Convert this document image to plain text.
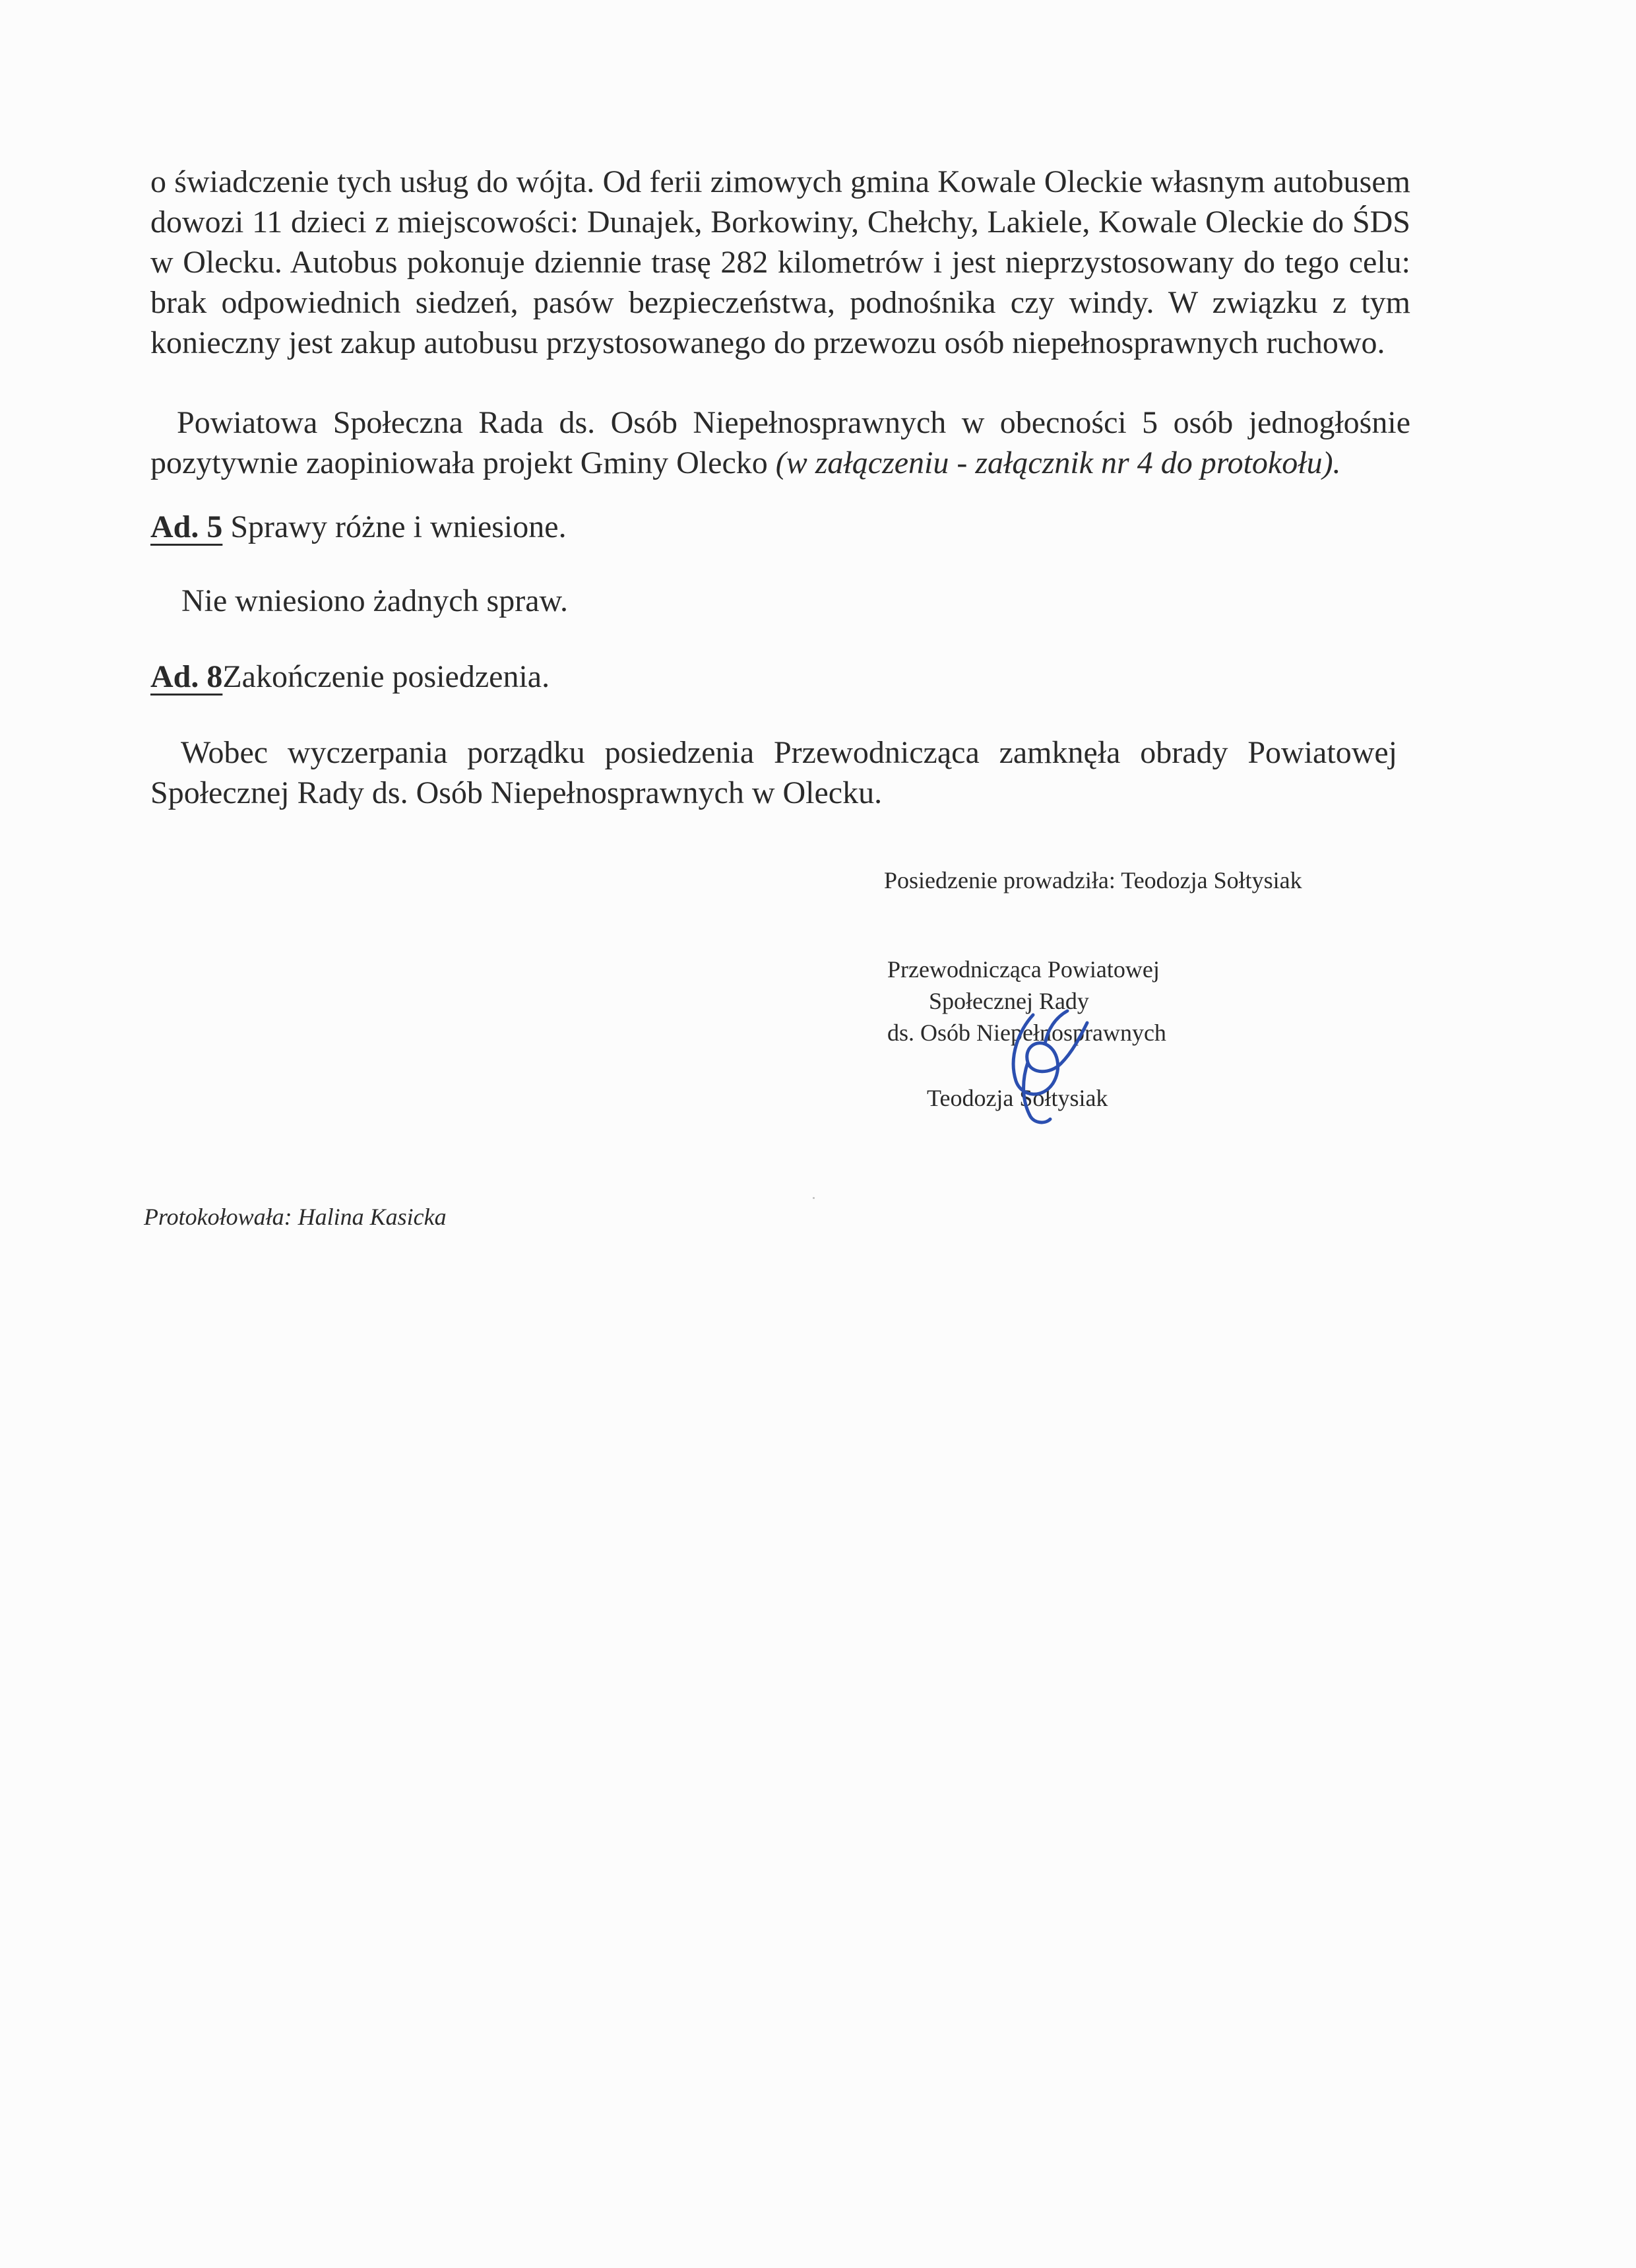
o świadczenie tych usług do wójta. Od ferii zimowych gmina Kowale Oleckie własnym autobusem dowozi 11 dzieci z miejscowości: Dunajek, Borkowiny, Chełchy, Lakiele, Kowale Oleckie do ŚDS w Olecku. Autobus pokonuje dziennie trasę 282 kilometrów i jest nieprzystosowany do tego celu: brak odpowiednich siedzeń, pasów bezpieczeństwa, podnośnika czy windy. W związku z tym konieczny jest zakup autobusu przystosowanego do przewozu osób niepełnosprawnych ruchowo.

Powiatowa Społeczna Rada ds. Osób Niepełnosprawnych w obecności 5 osób jednogłośnie pozytywnie zaopiniowała projekt Gminy Olecko (w załączeniu - załącznik nr 4 do protokołu).

Ad. 5 Sprawy różne i wniesione.

Nie wniesiono żadnych spraw.

Ad. 8Zakończenie posiedzenia.

Wobec wyczerpania porządku posiedzenia Przewodnicząca zamknęła obrady Powiatowej Społecznej Rady ds. Osób Niepełnosprawnych w Olecku.

Posiedzenie prowadziła: Teodozja Sołtysiak

Przewodnicząca Powiatowej

Społecznej Rady

ds. Osób Niepełnosprawnych

Teodozja Sołtysiak

Protokołowała: Halina Kasicka
